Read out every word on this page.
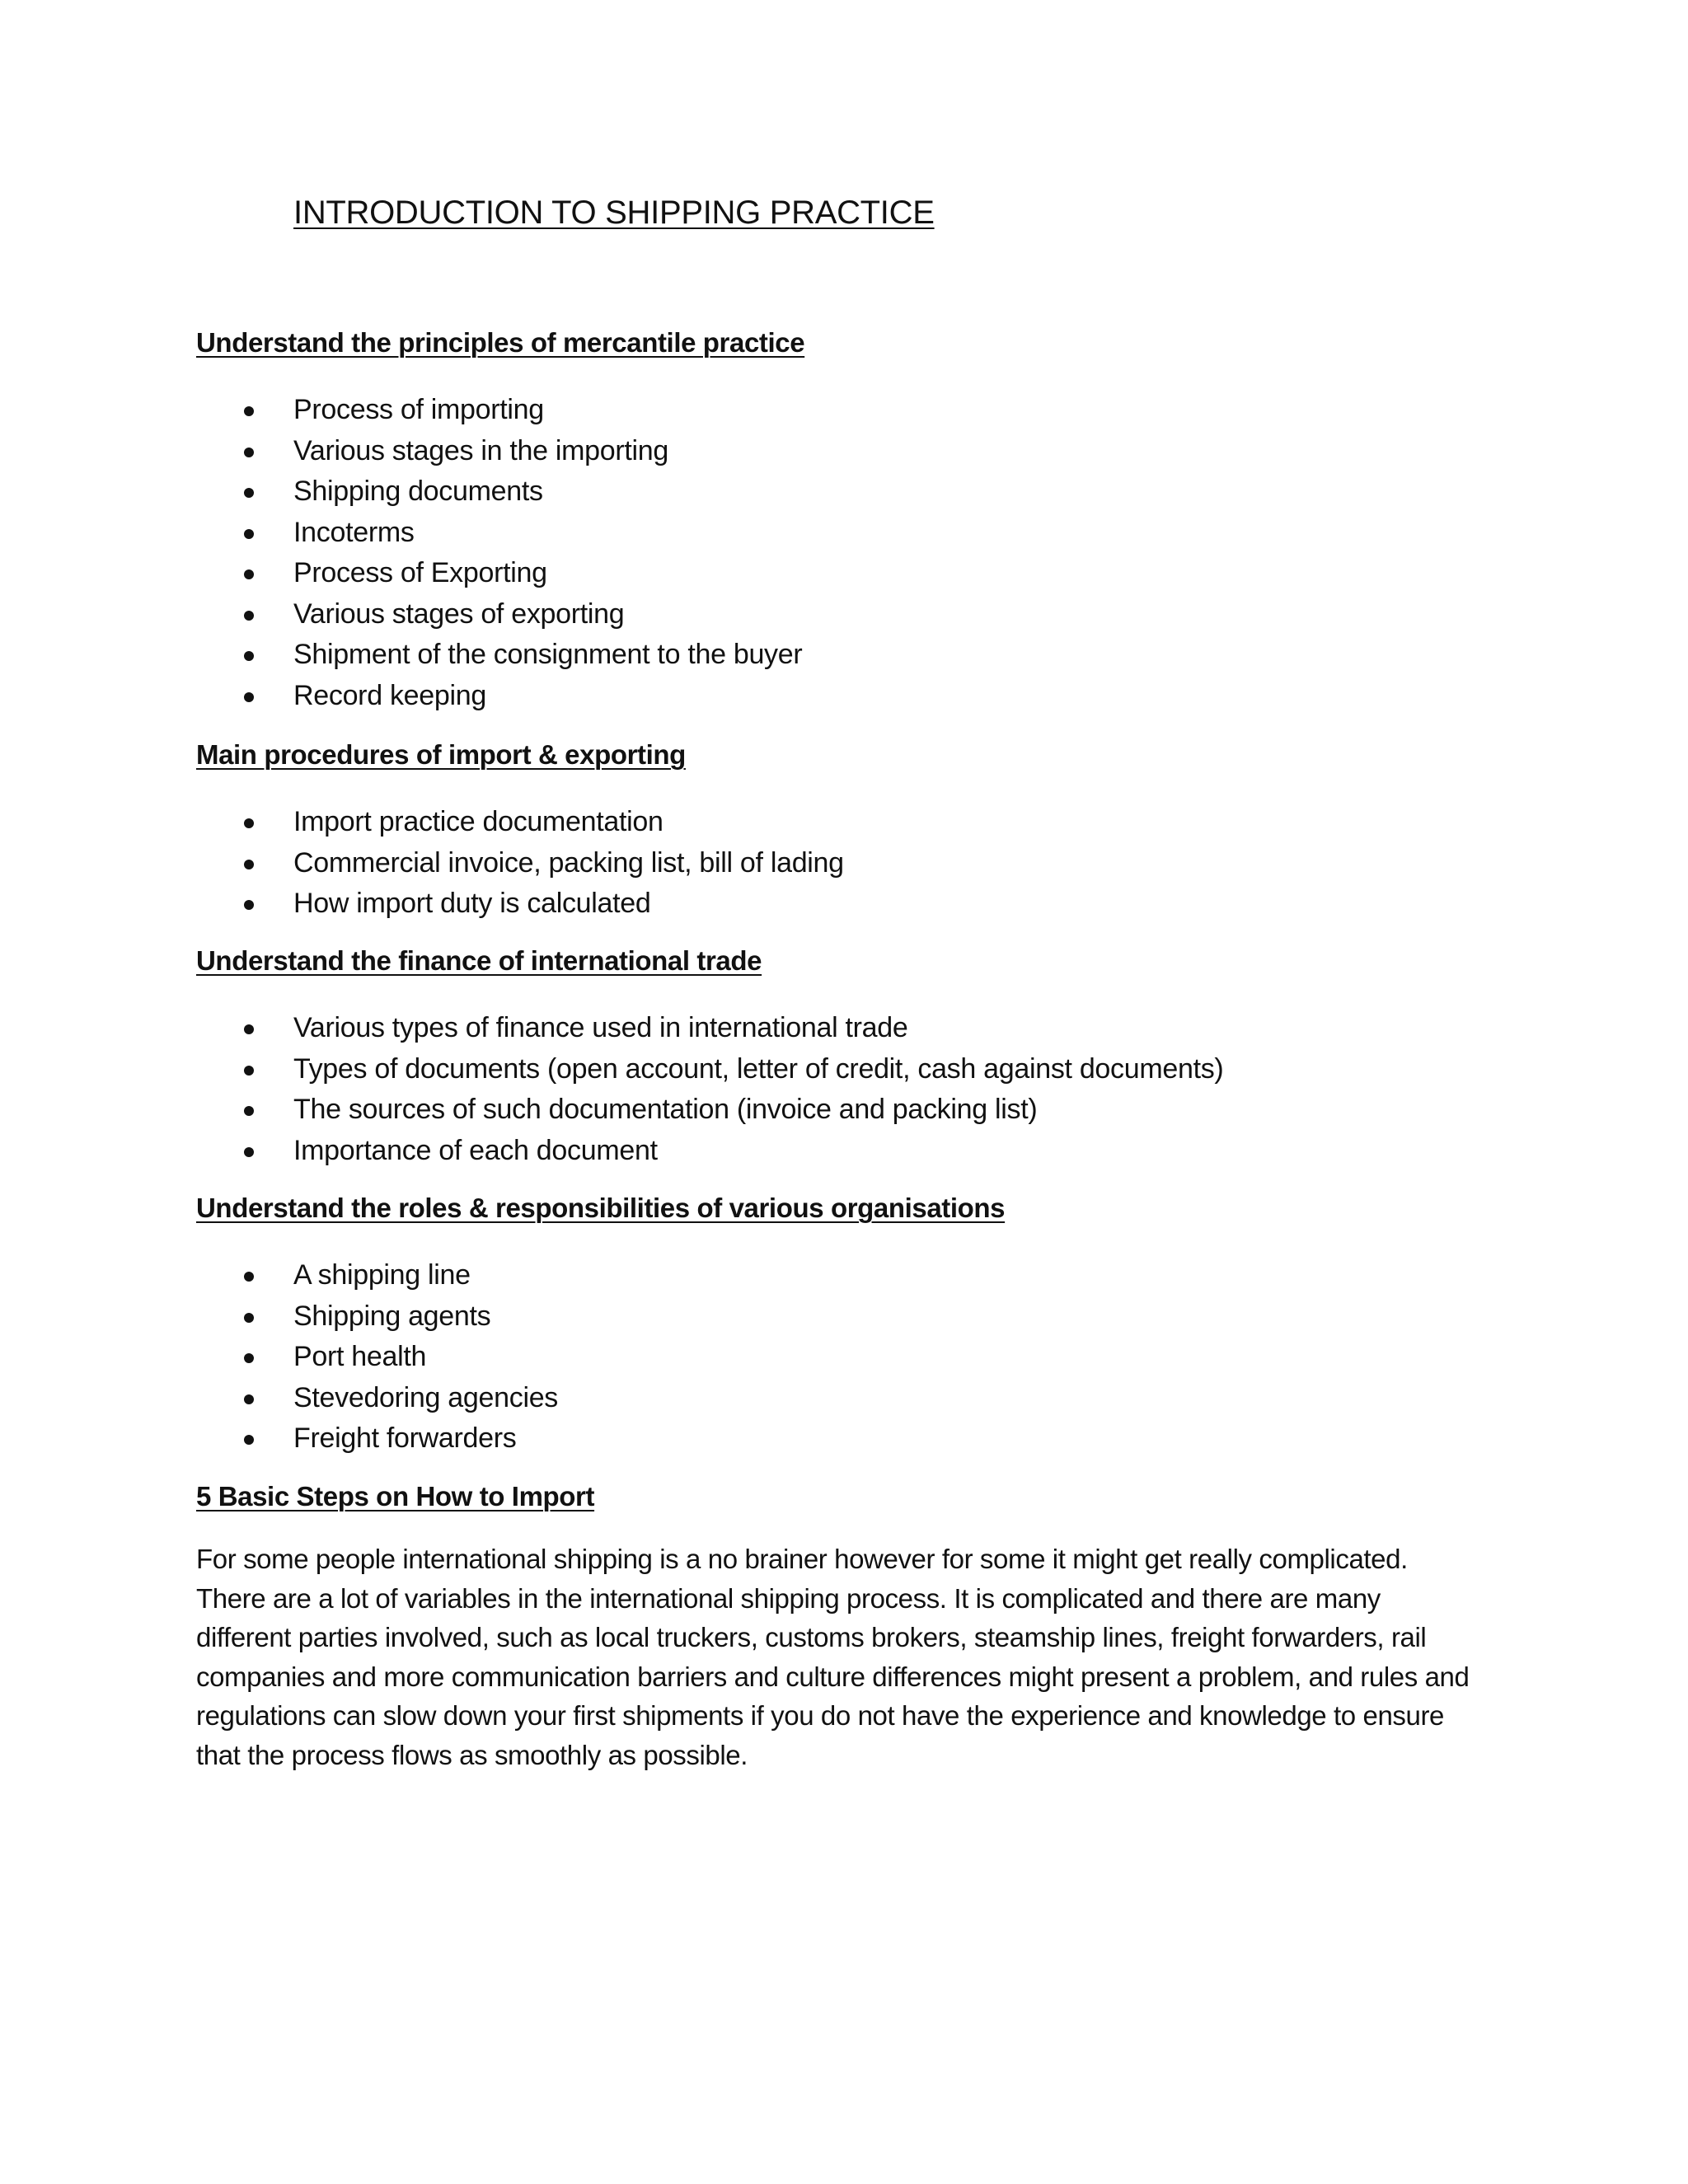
INTRODUCTION TO SHIPPING PRACTICE
Understand the principles of mercantile practice
Process of importing
Various stages in the importing
Shipping documents
Incoterms
Process of Exporting
Various stages of exporting
Shipment of the consignment to the buyer
Record keeping
Main procedures of import & exporting
Import practice documentation
Commercial invoice, packing list, bill of lading
How import duty is calculated
Understand the finance of international trade
Various types of finance used in international trade
Types of documents (open account, letter of credit, cash against documents)
The sources of such documentation (invoice and packing list)
Importance of each document
Understand the roles & responsibilities of various organisations
A shipping line
Shipping agents
Port health
Stevedoring agencies
Freight forwarders
5 Basic Steps on How to Import

For some people international shipping is a no brainer however for some it might get really complicated. There are a lot of variables in the international shipping process. It is complicated and there are many different parties involved, such as local truckers, customs brokers, steamship lines, freight forwarders, rail companies and more communication barriers and culture differences might present a problem, and rules and regulations can slow down your first shipments if you do not have the experience and knowledge to ensure that the process flows as smoothly as possible.
